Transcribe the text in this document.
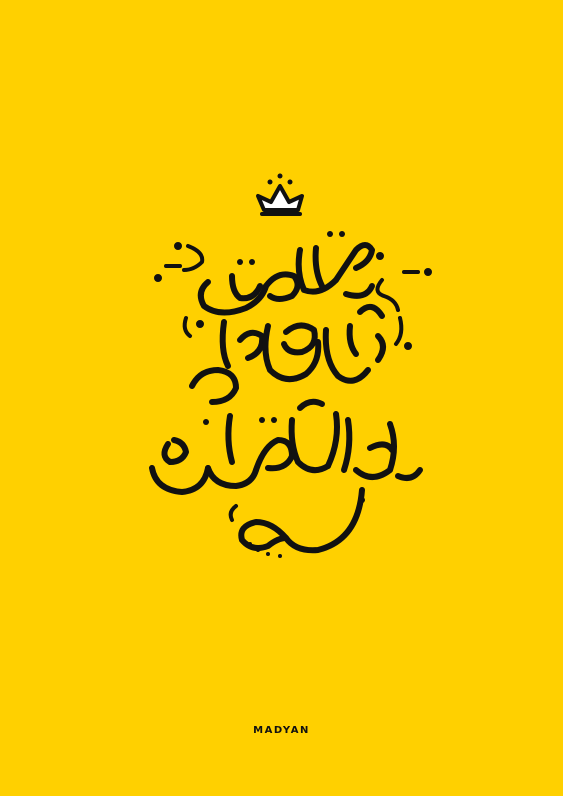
MADYAN
